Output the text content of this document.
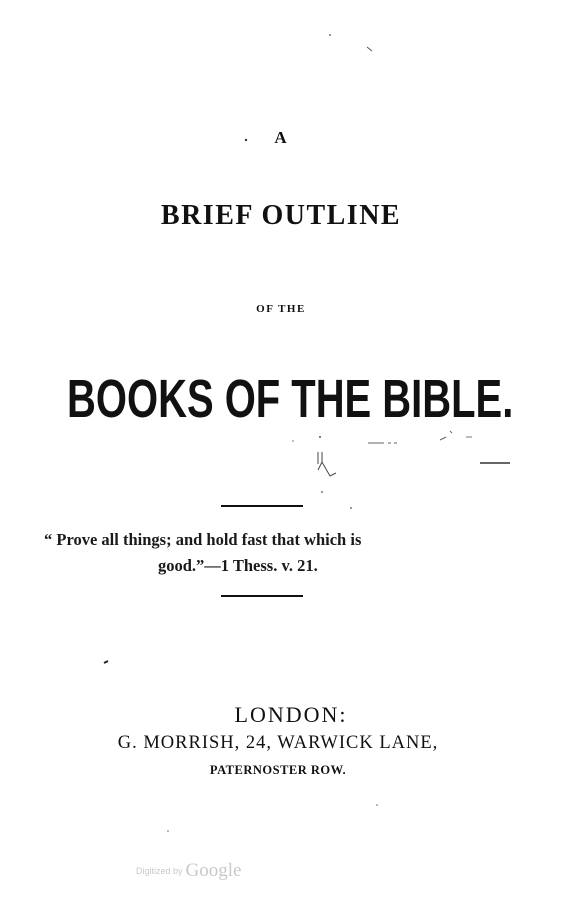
A
BRIEF OUTLINE
OF THE
BOOKS OF THE BIBLE.
“ Prove all things; and hold fast that which is
good.”—1 Thess. v. 21.
LONDON:
G. MORRISH, 24, WARWICK LANE,
PATERNOSTER ROW.
Digitized by Google
